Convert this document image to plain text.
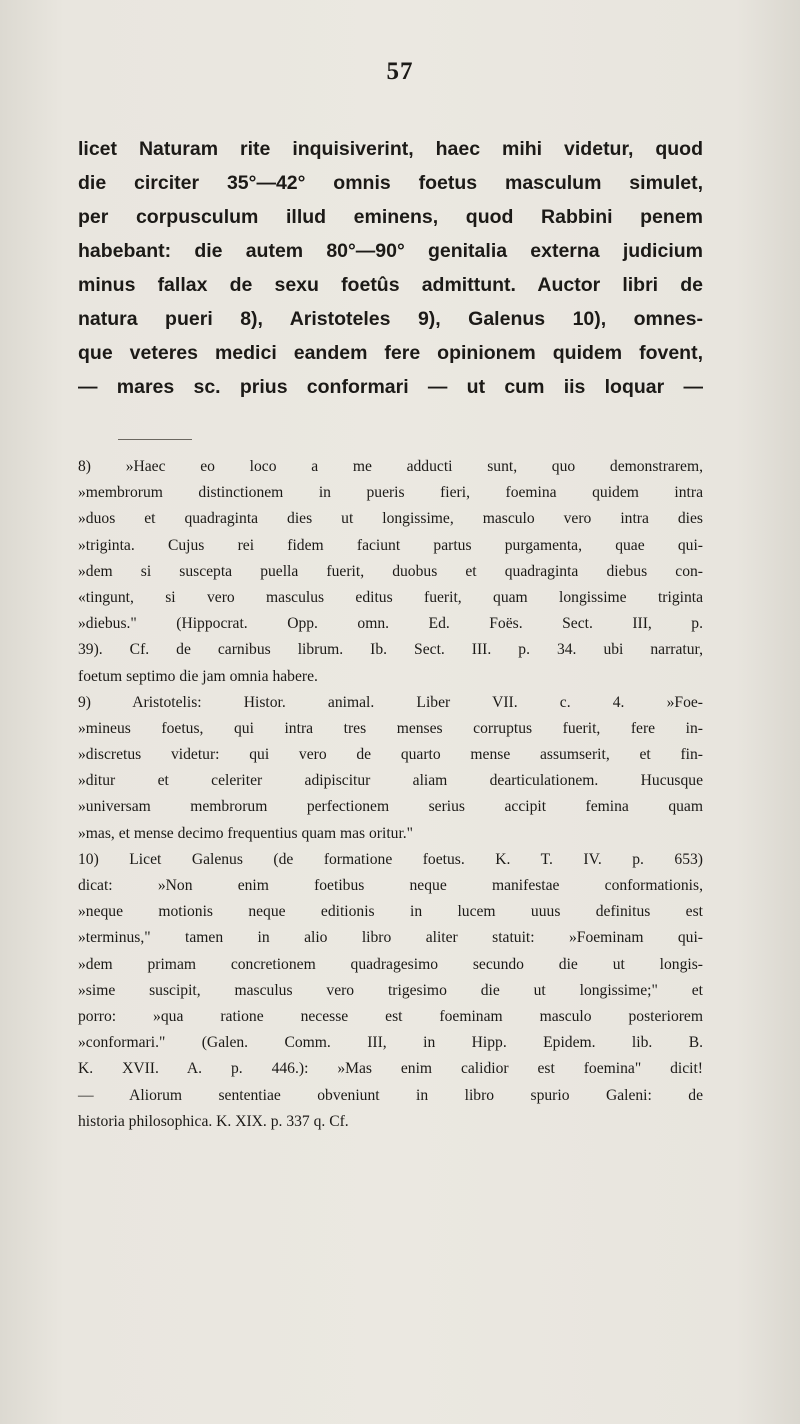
57
licet Naturam rite inquisiverint, haec mihi videtur, quod
die circiter 35°—42° omnis foetus masculum simulet,
per corpusculum illud eminens, quod Rabbini penem
habebant: die autem 80°—90° genitalia externa judicium
minus fallax de sexu foetûs admittunt. Auctor libri de
natura pueri 8), Aristoteles 9), Galenus 10), omnes-
que veteres medici eandem fere opinionem quidem fovent,
— mares sc. prius conformari — ut cum iis loquar —
8) »Haec eo loco a me adducti sunt, quo demonstrarem,
»membrorum distinctionem in pueris fieri, foemina quidem intra
»duos et quadraginta dies ut longissime, masculo vero intra dies
»triginta. Cujus rei fidem faciunt partus purgamenta, quae qui-
»dem si suscepta puella fuerit, duobus et quadraginta diebus con-
«tingunt, si vero masculus editus fuerit, quam longissime triginta
»diebus." (Hippocrat. Opp. omn. Ed. Foës. Sect. III, p.
39). Cf. de carnibus librum. Ib. Sect. III. p. 34. ubi narratur,
foetum septimo die jam omnia habere.
9) Aristotelis: Histor. animal. Liber VII. c. 4. »Foe-
»mineus foetus, qui intra tres menses corruptus fuerit, fere in-
»discretus videtur: qui vero de quarto mense assumserit, et fin-
»ditur et celeriter adipiscitur aliam dearticulationem. Hucusque
»universam membrorum perfectionem serius accipit femina quam
»mas, et mense decimo frequentius quam mas oritur."
10) Licet Galenus (de formatione foetus. K. T. IV. p. 653)
dicat: »Non enim foetibus neque manifestae conformationis,
»neque motionis neque editionis in lucem uuus definitus est
»terminus," tamen in alio libro aliter statuit: »Foeminam qui-
»dem primam concretionem quadragesimo secundo die ut longis-
»sime suscipit, masculus vero trigesimo die ut longissime;" et
porro: »qua ratione necesse est foeminam masculo posteriorem
»conformari." (Galen. Comm. III, in Hipp. Epidem. lib. B.
K. XVII. A. p. 446.): »Mas enim calidior est foemina" dicit!
— Aliorum sententiae obveniunt in libro spurio Galeni: de
historia philosophica. K. XIX. p. 337 q. Cf.
